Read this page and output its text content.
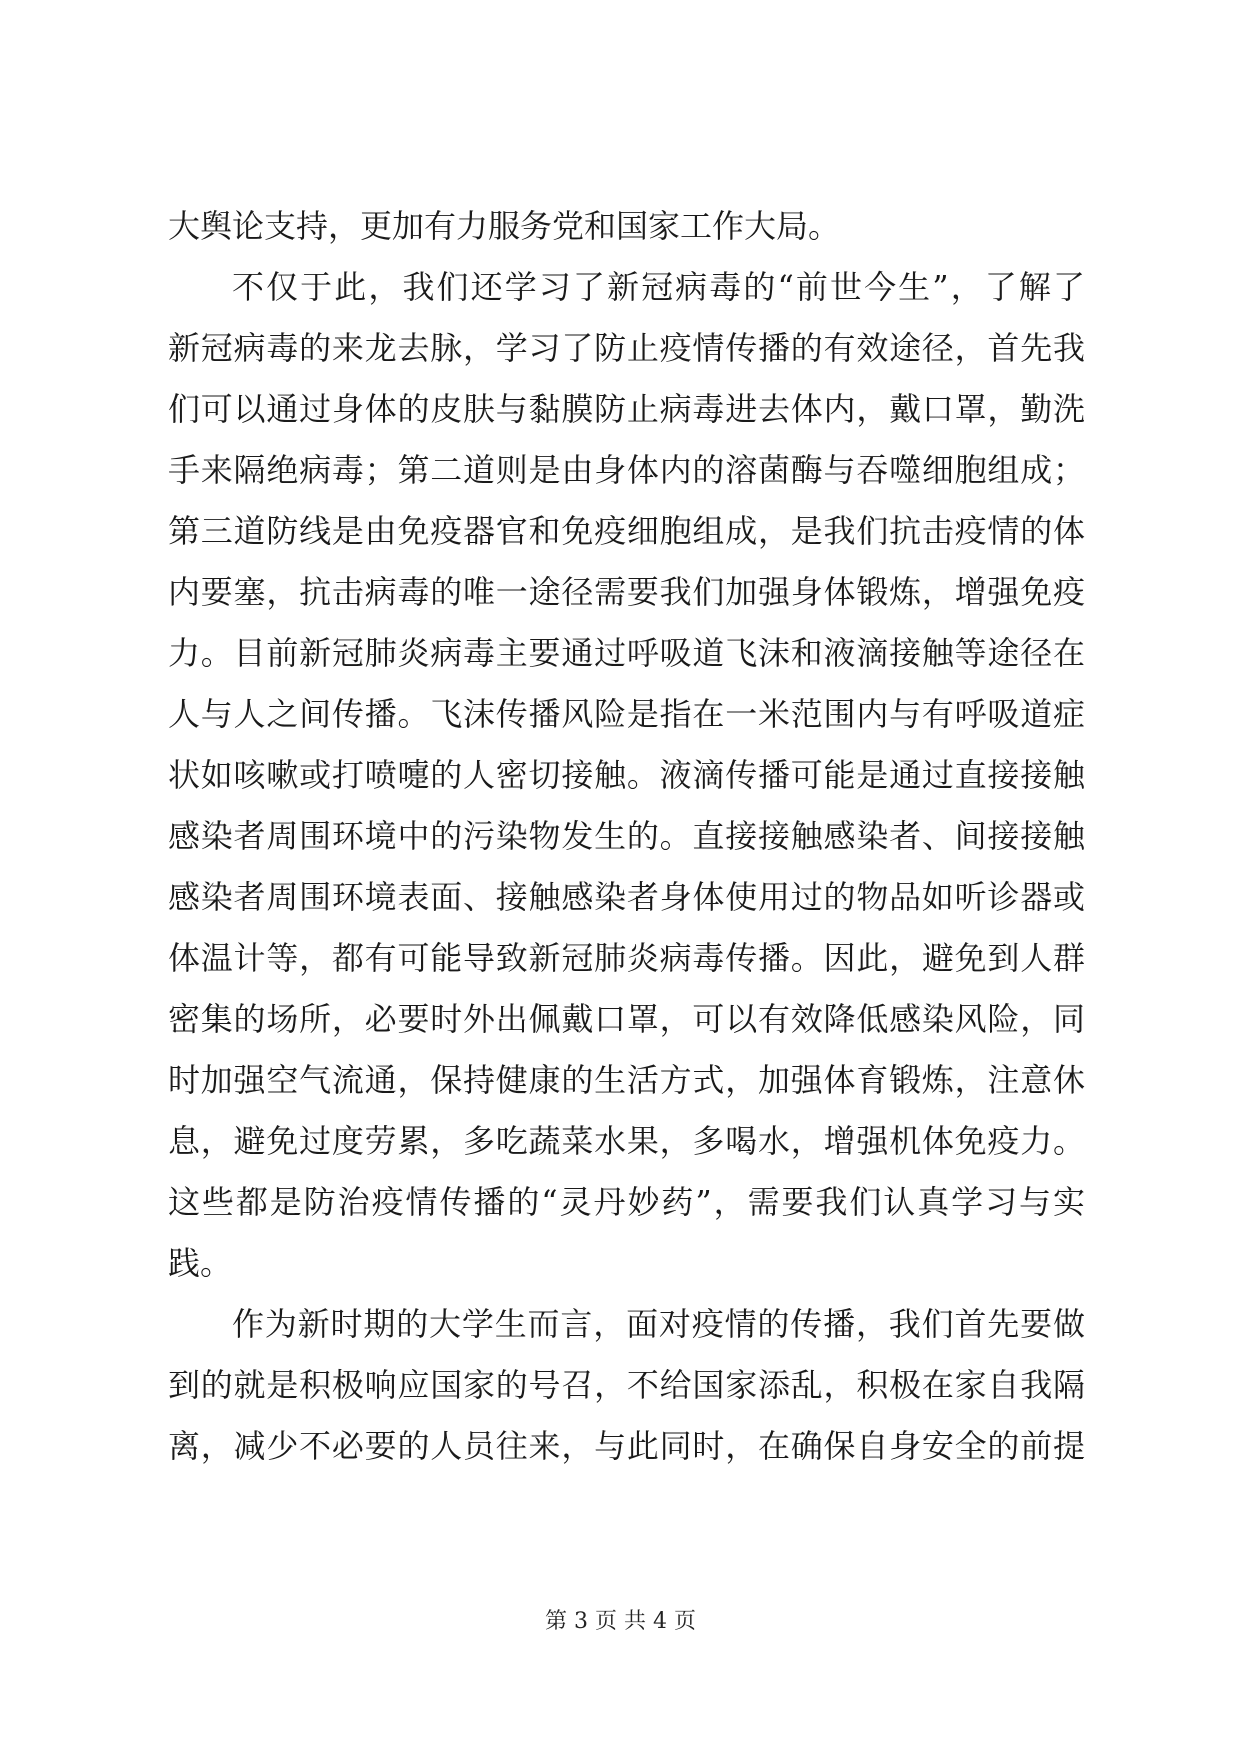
大舆论支持，更加有力服务党和国家工作大局。
不仅于此，我们还学习了新冠病毒的“前世今生”，了解了
新冠病毒的来龙去脉，学习了防止疫情传播的有效途径，首先我
们可以通过身体的皮肤与黏膜防止病毒进去体内，戴口罩，勤洗
手来隔绝病毒；第二道则是由身体内的溶菌酶与吞噬细胞组成；
第三道防线是由免疫器官和免疫细胞组成，是我们抗击疫情的体
内要塞，抗击病毒的唯一途径需要我们加强身体锻炼，增强免疫
力。目前新冠肺炎病毒主要通过呼吸道飞沫和液滴接触等途径在
人与人之间传播。飞沫传播风险是指在一米范围内与有呼吸道症
状如咳嗽或打喷嚏的人密切接触。液滴传播可能是通过直接接触
感染者周围环境中的污染物发生的。直接接触感染者、间接接触
感染者周围环境表面、接触感染者身体使用过的物品如听诊器或
体温计等，都有可能导致新冠肺炎病毒传播。因此，避免到人群
密集的场所，必要时外出佩戴口罩，可以有效降低感染风险，同
时加强空气流通，保持健康的生活方式，加强体育锻炼，注意休
息，避免过度劳累，多吃蔬菜水果，多喝水，增强机体免疫力。
这些都是防治疫情传播的“灵丹妙药”，需要我们认真学习与实
践。
作为新时期的大学生而言，面对疫情的传播，我们首先要做
到的就是积极响应国家的号召，不给国家添乱，积极在家自我隔
离，减少不必要的人员往来，与此同时，在确保自身安全的前提
第 3 页 共 4 页
